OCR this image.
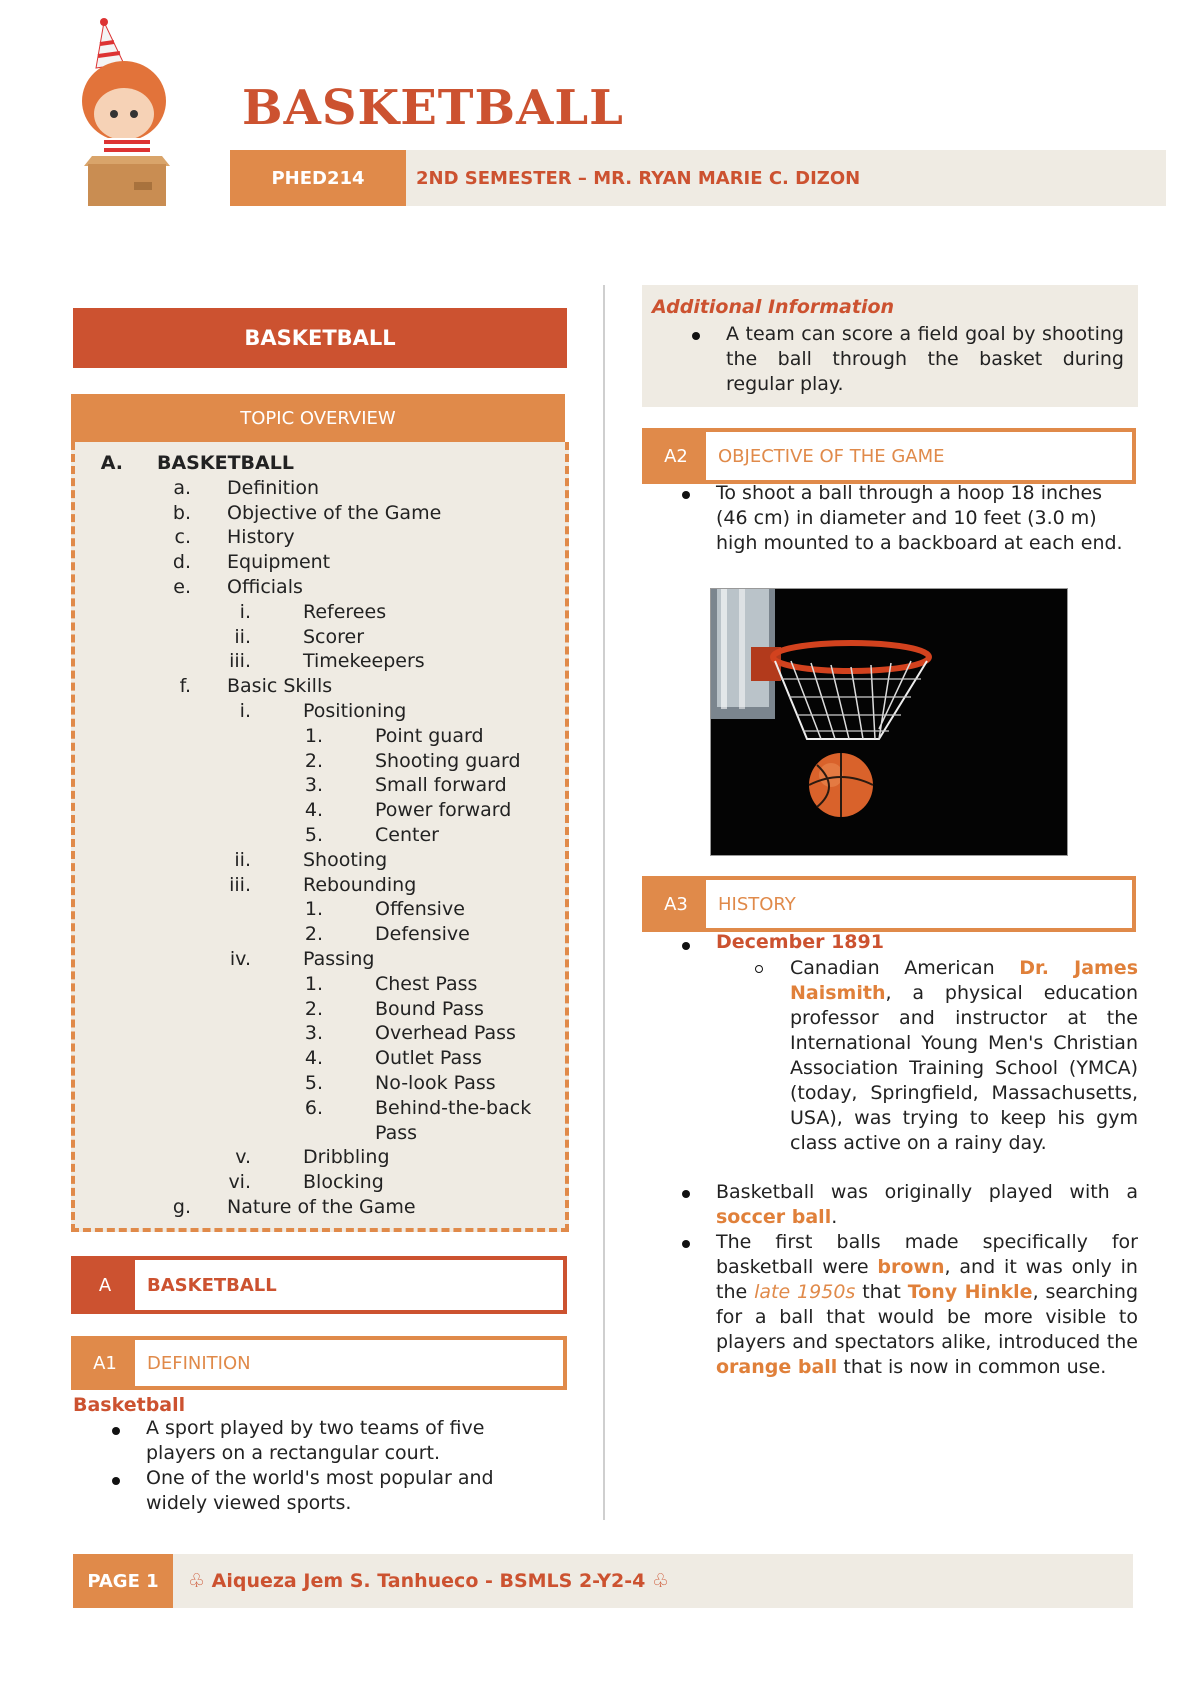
BASKETBALL
PHED214	2ND SEMESTER – MR. RYAN MARIE C. DIZON
BASKETBALL
TOPIC OVERVIEW
A. BASKETBALL
a. Definition
b. Objective of the Game
c. History
d. Equipment
e. Officials
i.	Referees
ii.	Scorer
iii.	Timekeepers
f. Basic Skills
i.	Positioning
1.	Point guard
2.	Shooting guard
3.	Small forward
4.	Power forward
5.	Center
ii.	Shooting
iii.	Rebounding
1.	Offensive
2.	Defensive
iv.	Passing
1.	Chest Pass
2.	Bound Pass
3.	Overhead Pass
4.	Outlet Pass
5.	No-look Pass
6.	Behind-the-back
Pass
v.	Dribbling
vi.	Blocking
g. Nature of the Game
A	BASKETBALL
A1	DEFINITION
Basketball
A sport played by two teams of five players on a rectangular court.
One of the world's most popular and widely viewed sports.
Additional Information
A team can score a field goal by shooting the ball through the basket during regular play.
A2	OBJECTIVE OF THE GAME
To shoot a ball through a hoop 18 inches (46 cm) in diameter and 10 feet (3.0 m) high mounted to a backboard at each end.
A3	HISTORY
December 1891
Canadian American Dr. James Naismith, a physical education professor and instructor at the International Young Men's Christian Association Training School (YMCA) (today, Springfield, Massachusetts, USA), was trying to keep his gym class active on a rainy day.
Basketball was originally played with a soccer ball.
The first balls made specifically for basketball were brown, and it was only in the late 1950s that Tony Hinkle, searching for a ball that would be more visible to players and spectators alike, introduced the orange ball that is now in common use.
PAGE 1	♧ Aiqueza Jem S. Tanhueco - BSMLS 2-Y2-4 ♧
